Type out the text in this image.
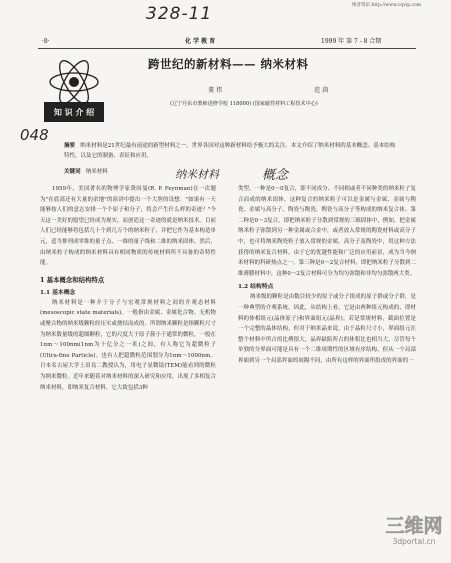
维普资讯 http://www.cqvip.com
328-11
·8·	化 学 教 育	1999 年 第 7 - 8 合期
知 识 介 绍
048
跨世纪的新材料—— 纳米材料
董 伟	范 茵
(辽宁丹东市教师进修学校 118000) (国家磁性材料工程技术中心)
摘要 纳米材料是21世纪最有前途的新型材料之一，世界各国对这种新材料给予极大的关注。本文介绍了纳米材料的基本概念、基本结构特性，以及它的制备、表征和应用。
关键词 纳米材料	纳米材料	概念
1959年，美国著名的物理学家费因曼(R. P. Feynman)在一次题为"在底部还有大量的余地"的演讲中提出一个大胆的设想："如果有一天能够按人们的意志安排一个个原子和分子，将会产生什么样的奇迹？"今天这一美好的愿望已经成为现实，而创造这一奇迹的就是纳米技术。目前人们已经能够将包括几十个到几万个的纳米粒子，并把它作为基本构造单元，适当排列成零维的量子点、一维的量子线和二维的纳米固体，然后，由纳米粒子构成的纳米材料具有相同物质的传统材料所不具备的奇特性能。
1 基本概念和结构特点
1.1 基本概念
纳米材料是一种介于分子与宏观常规材料之间的介观态材料(mesoscopic state materials)。一般指由金属、金属化合物、无机物或聚合物的纳米级颗粒经压实或烧结而成的。所谓纳米颗粒是指颗粒尺寸为纳米数量级的超细颗粒，它的尺度大于原子簇小于通常的微粒，一般在1nm～100nm(1nm为十亿分之一米)之间，有人称它为超微粒子(Ultra-fine Particle)。也有人把超微粒范围划分为1nm～1000nm。日本名古屋大学上田良二教授认为，用电子显微镜(TEM)能看到的微粒为纳米微粒。近年来随着对纳米材料的深入研究和应用，出现了多相复合纳米材料，即纳米复合材料。它大致包括3种
类型。一种是0～0复合，即不同成分、不同相或者不同种类的纳米粒子复合而成的纳米固体，这种复合的纳米粒子可以是金属与金属、金属与陶瓷、金属与高分子、陶瓷与陶瓷、陶瓷与高分子等构成的纳米复合体。第二种是0～3复合，即把纳米粒子分散到常规的三维固体中，例如，把金属纳米粒子弥散到另一种金属或合金中，或者放入常规的陶瓷材料或高分子中，也可将纳米陶瓷粒子放入常规的金属、高分子及陶瓷中，用这种方法获得的纳米复合材料，由于它的优越性能和广泛的应用前景，成为当今纳米材料的科研热点之一。第三种是0～2复合材料，即把纳米粒子分散到二维薄膜材料中，这种0～2复合材料可分为均匀弥散和非均匀弥散两大类。
1.2 结构特点
纳米级的颗粒是由数目较少的原子或分子组成的原子群或分子群，是一种典型的介观系统。因此，从结构上看，它是由两种组元构成的，即材料的体相组元(晶体原子)和界面组元(晶界)。若是常规材料，截面位置是一个完整的晶体结构，但对于纳米晶来说，由于晶粒尺寸小，界面组元在整个材料中所占的比例很大，晶界缺陷所占的体积比也相当大，尽管每个单独的分界面可能是具有一个二维周期性的区域有序结构，但从一个局部界面到另一个局部界面的间隔不同，由所有这样的界面所组成的界面的一
三维网
3dportal.cn
